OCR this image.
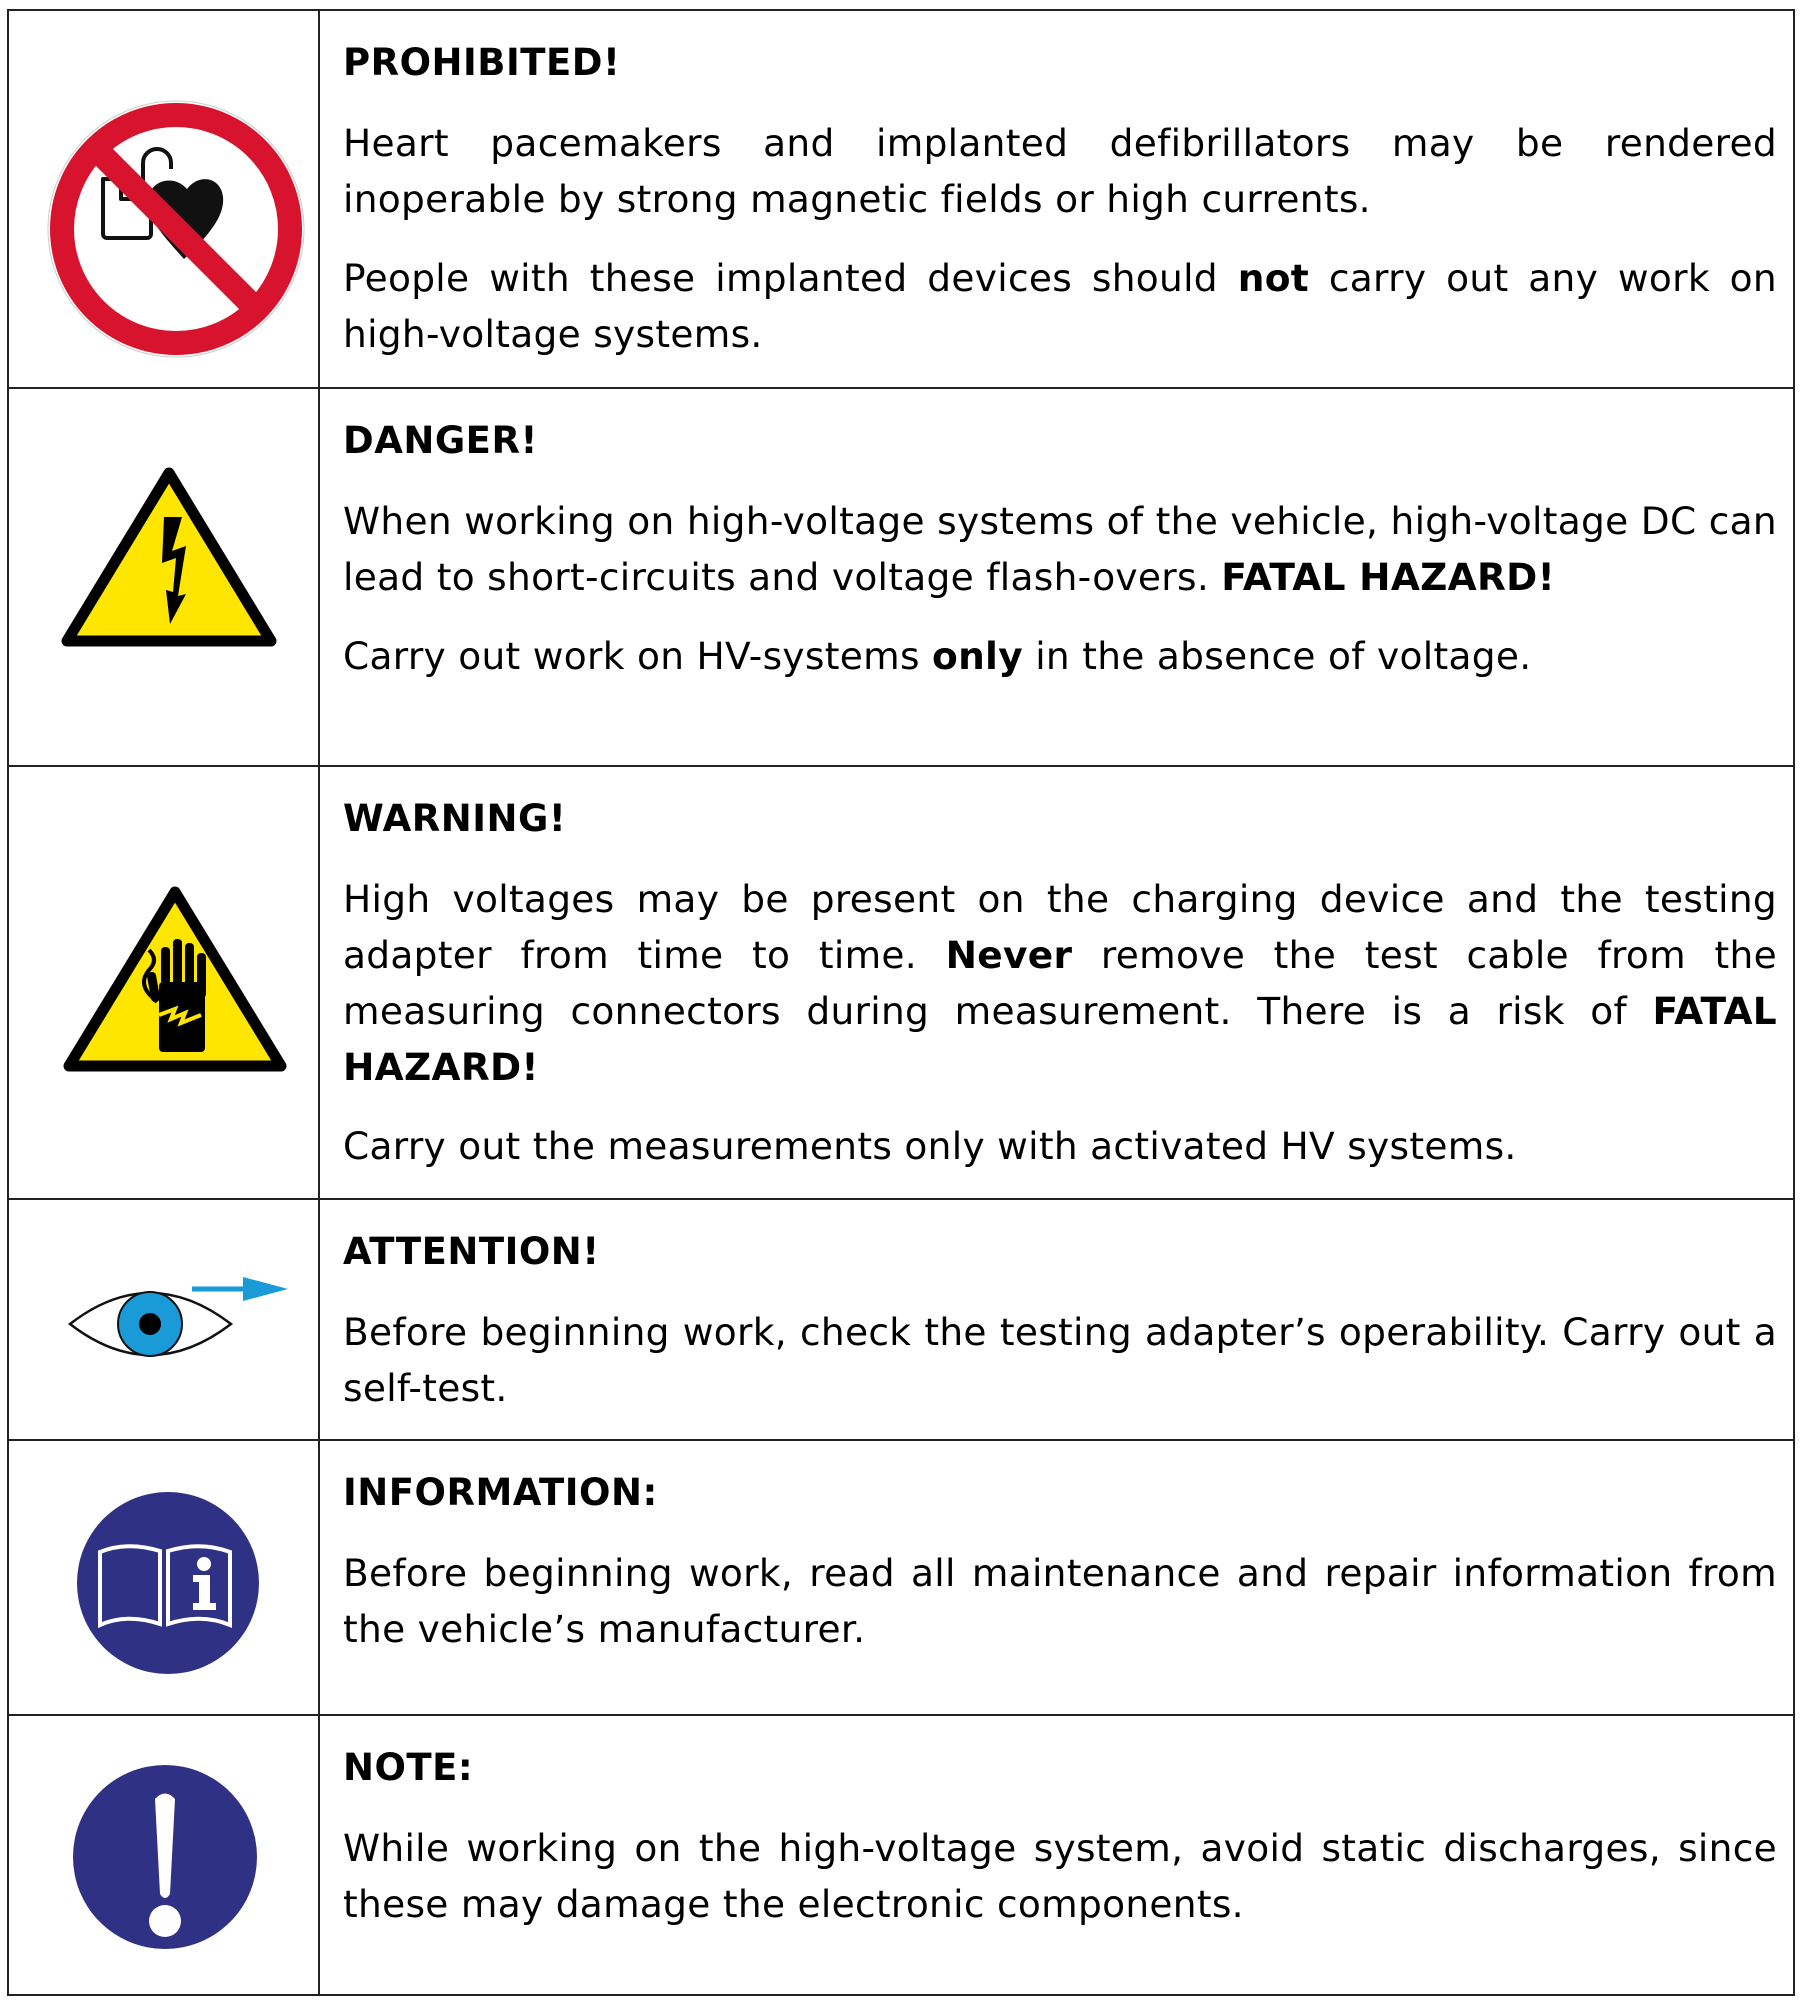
PROHIBITED!

Heart pacemakers and implanted defibrillators may be rendered inoperable by strong magnetic fields or high currents.

People with these implanted devices should not carry out any work on high-voltage systems.

DANGER!

When working on high-voltage systems of the vehicle, high-voltage DC can lead to short-circuits and voltage flash-overs. FATAL HAZARD!

Carry out work on HV-systems only in the absence of voltage.

WARNING!

High voltages may be present on the charging device and the testing adapter from time to time. Never remove the test cable from the measuring connectors during measurement. There is a risk of FATAL HAZARD!

Carry out the measurements only with activated HV systems.

ATTENTION!

Before beginning work, check the testing adapter’s operability. Carry out a self-test.

INFORMATION:

Before beginning work, read all maintenance and repair information from the vehicle’s manufacturer.

NOTE:

While working on the high-voltage system, avoid static discharges, since these may damage the electronic components.
